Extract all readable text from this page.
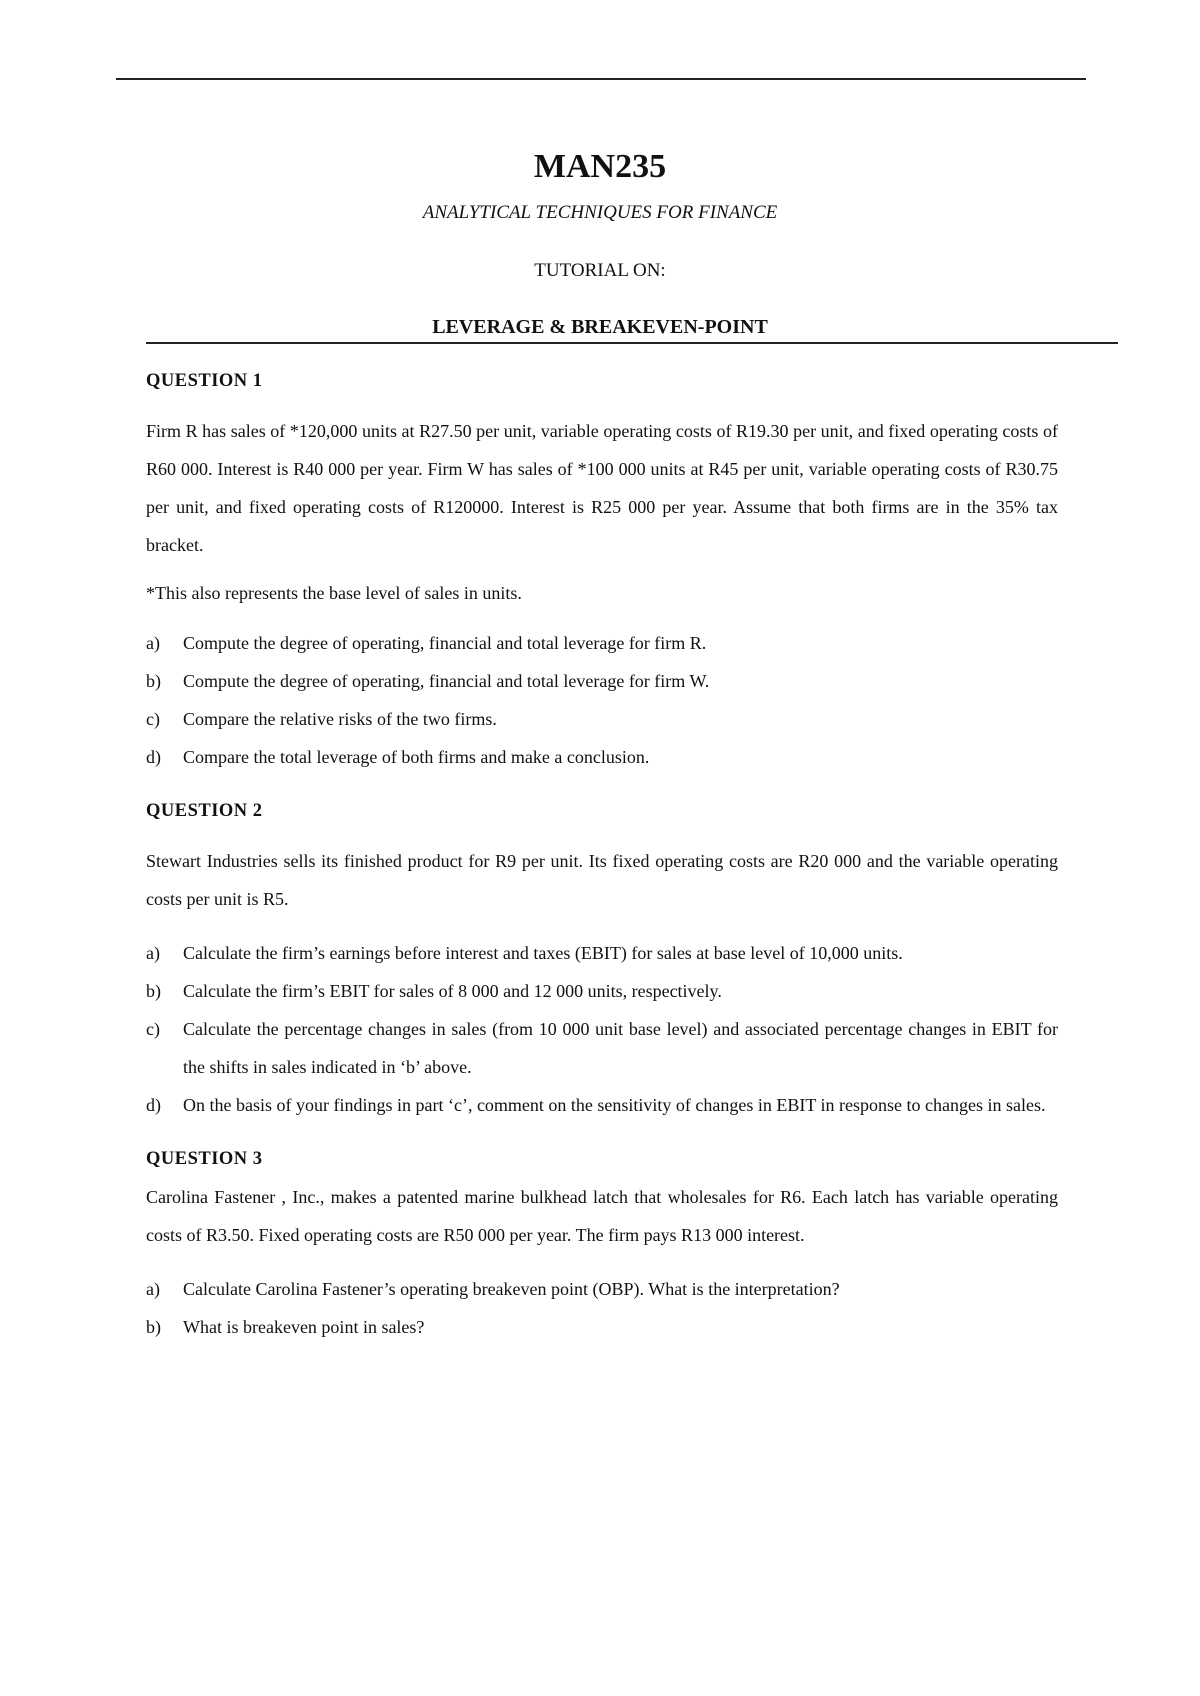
MAN235
ANALYTICAL TECHNIQUES FOR FINANCE
TUTORIAL ON:
LEVERAGE & BREAKEVEN-POINT
QUESTION 1
Firm R has sales of *120,000 units at R27.50 per unit, variable operating costs of R19.30 per unit, and fixed operating costs of R60 000. Interest is R40 000 per year. Firm W has sales of *100 000 units at R45 per unit, variable operating costs of R30.75 per unit, and fixed operating costs of R120000. Interest is R25 000 per year. Assume that both firms are in the 35% tax bracket.
*This also represents the base level of sales in units.
a)	Compute the degree of operating, financial and total leverage for firm R.
b)	Compute the degree of operating, financial and total leverage for firm W.
c)	Compare the relative risks of the two firms.
d)	Compare the total leverage of both firms and make a conclusion.
QUESTION 2
Stewart Industries sells its finished product for R9 per unit. Its fixed operating costs are R20 000 and the variable operating costs per unit is R5.
a)	Calculate the firm’s earnings before interest and taxes (EBIT) for sales at base level of 10,000 units.
b)	Calculate the firm’s EBIT for sales of 8 000 and 12 000 units, respectively.
c)	Calculate the percentage changes in sales (from 10 000 unit base level) and associated percentage changes in EBIT for the shifts in sales indicated in ‘b’ above.
d)	On the basis of your findings in part ‘c’, comment on the sensitivity of changes in EBIT in response to changes in sales.
QUESTION 3
Carolina Fastener , Inc., makes a patented marine bulkhead latch that wholesales for R6. Each latch has variable operating costs of R3.50. Fixed operating costs are R50 000 per year. The firm pays R13 000 interest.
a)	Calculate Carolina Fastener’s operating breakeven point (OBP). What is the interpretation?
b)	What is breakeven point in sales?
